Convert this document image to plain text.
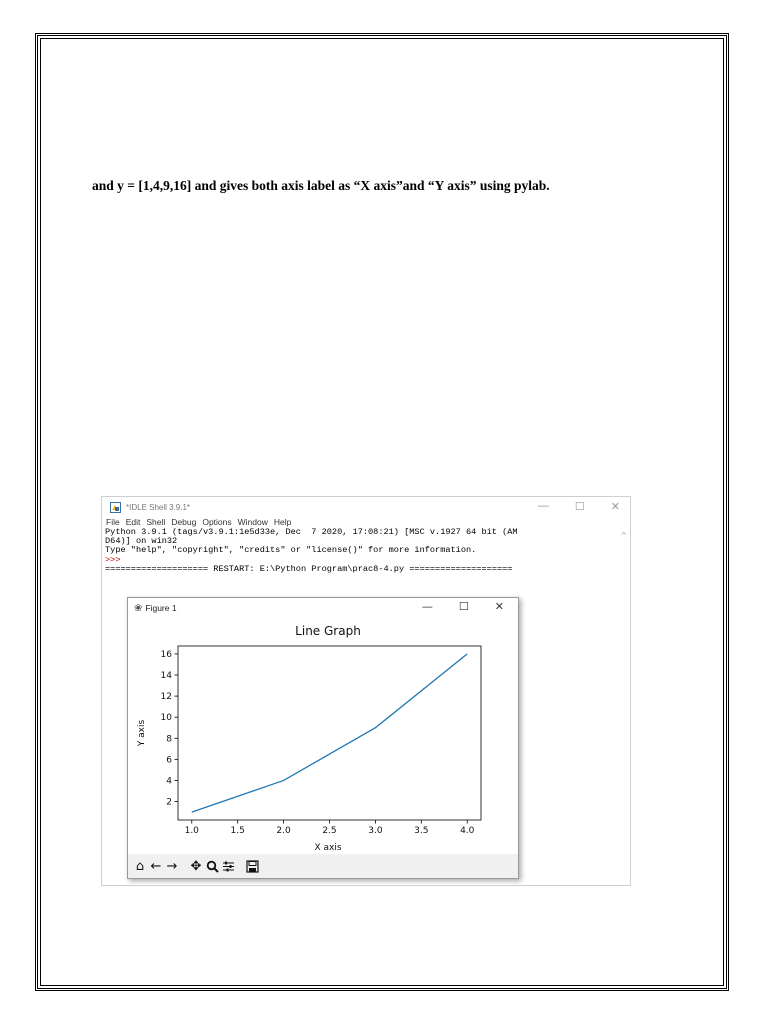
and y = [1,4,9,16] and gives both axis label as “X axis”and “Y axis” using pylab.
*IDLE Shell 3.9.1*	— ☐ ✕
File Edit Shell Debug Options Window Help
Python 3.9.1 (tags/v3.9.1:1e5d33e, Dec  7 2020, 17:08:21) [MSC v.1927 64 bit (AM
D64)] on win32
Type "help", "copyright", "credits" or "license()" for more information.
>>>
==================== RESTART: E:\Python Program\prac8-4.py ====================
^
❀ Figure 1	— ☐ ✕
Line Graph
1.0	1.5	2.0	2.5	3.0	3.5	4.0
2
4
6
8
10
12
14
16
X axis
Y axis
⌂ ← → ✥
